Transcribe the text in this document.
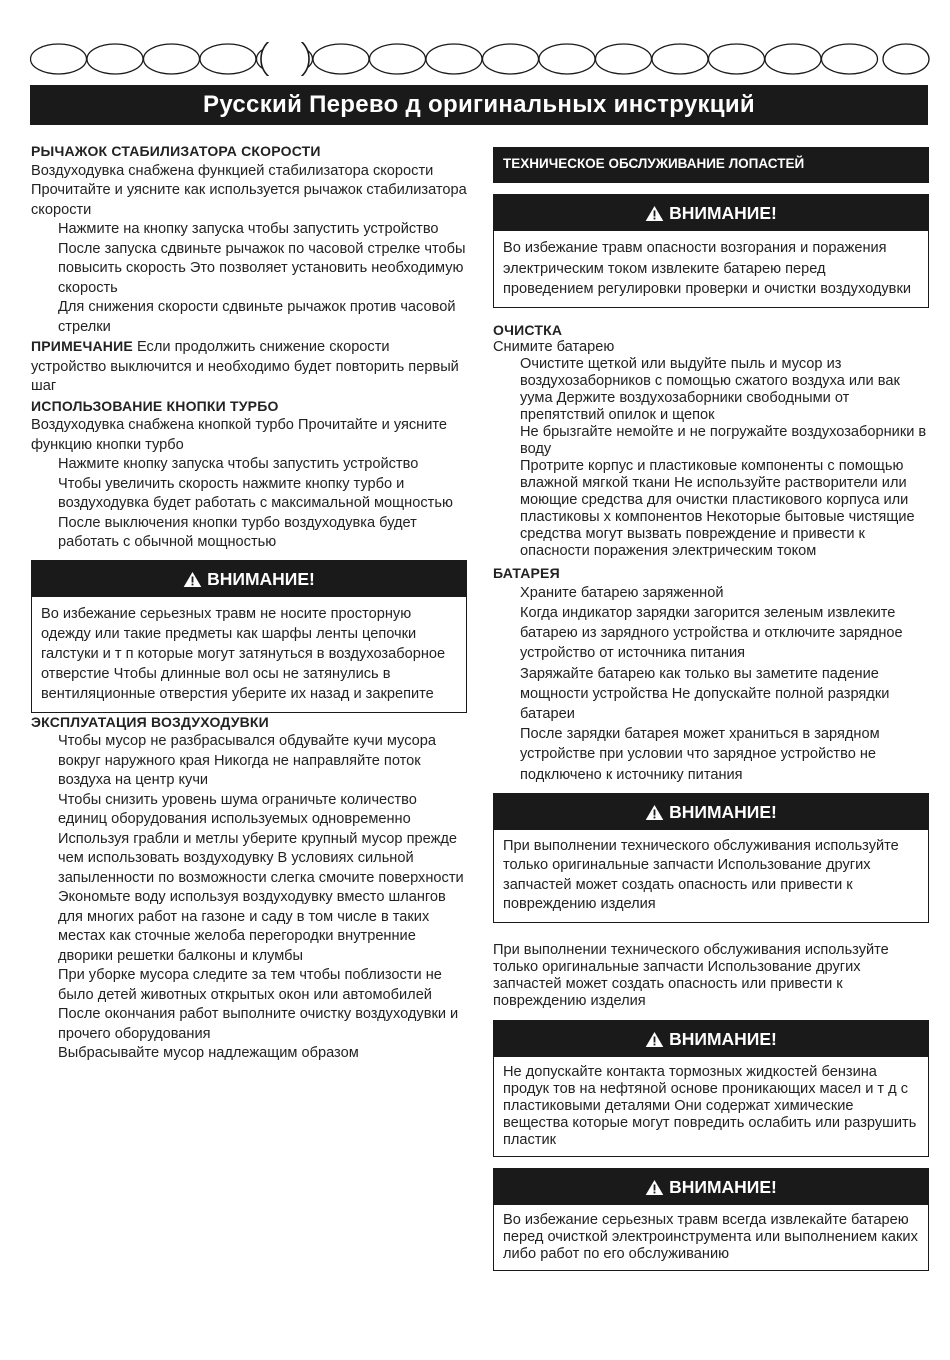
Русский Перево д оригинальных инструкций

РЫЧАЖОК СТАБИЛИЗАТОРА СКОРОСТИ

Воздуходувка снабжена функцией стабилизатора скорости

Прочитайте и уясните как используется рычажок стабилизатора скорости

Нажмите на кнопку запуска чтобы запустить устройство

После запуска сдвиньте рычажок по часовой стрелке чтобы повысить скорость Это позволяет установить необходимую скорость

Для снижения скорости сдвиньте рычажок против часовой стрелки

ПРИМЕЧАНИЕ Если продолжить снижение скорости устройство выключится и необходимо будет повторить первый шаг

ИСПОЛЬЗОВАНИЕ КНОПКИ ТУРБО

Воздуходувка снабжена кнопкой турбо Прочитайте и уясните функцию кнопки турбо

Нажмите кнопку запуска чтобы запустить устройство

Чтобы увеличить скорость нажмите кнопку турбо и воздуходувка будет работать с максимальной мощностью После выключения кнопки турбо воздуходувка будет работать с обычной мощностью

ВНИМАНИЕ!
Во избежание серьезных травм не носите просторную одежду или такие предметы как шарфы ленты цепочки галстуки и т п которые могут затянуться в воздухозаборное отверстие Чтобы длинные вол осы не затянулись в вентиляционные отверстия уберите их назад и закрепите

ЭКСПЛУАТАЦИЯ ВОЗДУХОДУВКИ

Чтобы мусор не разбрасывался обдувайте кучи мусора вокруг наружного края Никогда не направляйте поток воздуха на центр кучи

Чтобы снизить уровень шума ограничьте количество единиц оборудования используемых одновременно

Используя грабли и метлы уберите крупный мусор прежде чем использовать воздуходувку В условиях сильной запыленности по возможности слегка смочите поверхности

Экономьте воду используя воздуходувку вместо шлангов для многих работ на газоне и саду в том числе в таких местах как сточные желоба перегородки внутренние дворики решетки балконы и клумбы

При уборке мусора следите за тем чтобы поблизости не было детей животных открытых окон или автомобилей

После окончания работ выполните очистку воздуходувки и прочего оборудования

Выбрасывайте мусор надлежащим образом

ТЕХНИЧЕСКОЕ ОБСЛУЖИВАНИЕ ЛОПАСТЕЙ
ВНИМАНИЕ!
Во избежание травм опасности возгорания и поражения электрическим током извлеките батарею перед проведением регулировки проверки и очистки воздуходувки

ОЧИСТКА

Снимите батарею

Очистите щеткой или выдуйте пыль и мусор из воздухозаборников с помощью сжатого воздуха или вак уума Держите воздухозаборники свободными от препятствий опилок и щепок

Не брызгайте немойте и не погружайте воздухозаборники в воду

Протрите корпус и пластиковые компоненты с помощью влажной мягкой ткани Не используйте растворители или моющие средства для очистки пластикового корпуса или пластиковы х компонентов Некоторые бытовые чистящие средства могут вызвать повреждение и привести к опасности поражения электрическим током

БАТАРЕЯ

Храните батарею заряженной

Когда индикатор зарядки загорится зеленым извлеките батарею из зарядного устройства и отключите зарядное устройство от источника питания

Заряжайте батарею как только вы заметите падение мощности устройства Не допускайте полной разрядки батареи

После зарядки батарея может храниться в зарядном устройстве при условии что зарядное устройство не подключено к источнику питания

ВНИМАНИЕ!
При выполнении технического обслуживания используйте только оригинальные запчасти Использование других запчастей может создать опасность или привести к повреждению изделия

При выполнении технического обслуживания используйте только оригинальные запчасти Использование других запчастей может создать опасность или привести к повреждению изделия

ВНИМАНИЕ!
Не допускайте контакта тормозных жидкостей бензина продук тов на нефтяной основе проникающих масел и т д с пластиковыми деталями Они содержат химические вещества которые могут повредить ослабить или разрушить пластик
ВНИМАНИЕ!
Во избежание серьезных травм всегда извлекайте батарею перед очисткой электроинструмента или выполнением каких либо работ по его обслуживанию
